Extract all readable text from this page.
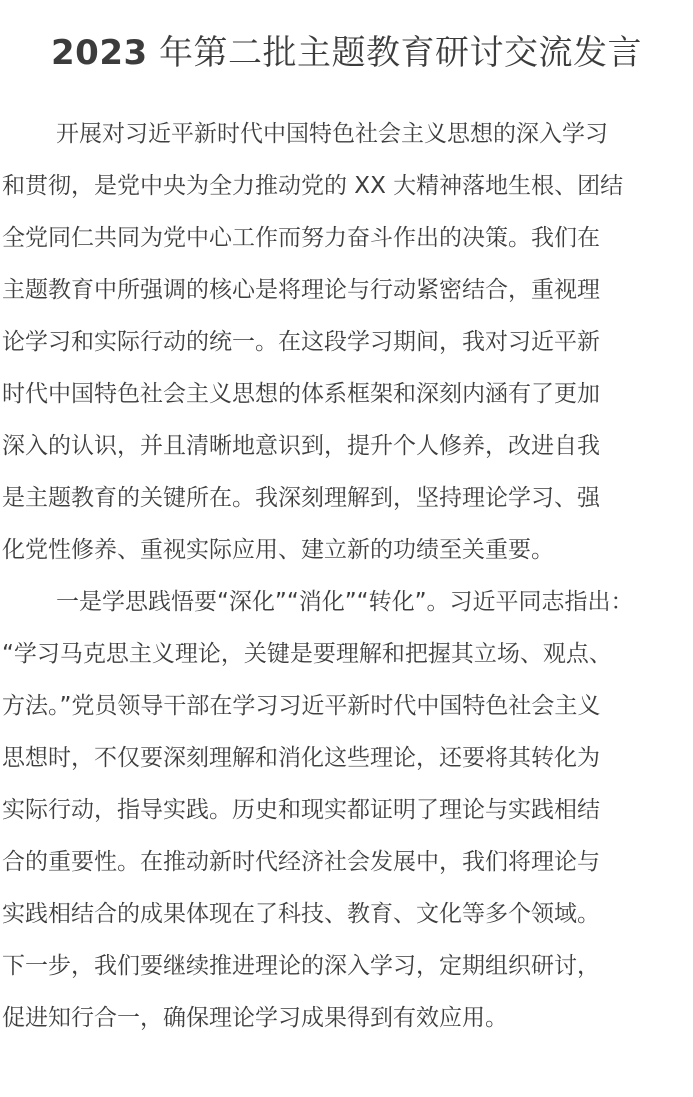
2023 年第二批主题教育研讨交流发言
开展对习近平新时代中国特色社会主义思想的深入学习
和贯彻，是党中央为全力推动党的 XX 大精神落地生根、团结
全党同仁共同为党中心工作而努力奋斗作出的决策。我们在
主题教育中所强调的核心是将理论与行动紧密结合，重视理
论学习和实际行动的统一。在这段学习期间，我对习近平新
时代中国特色社会主义思想的体系框架和深刻内涵有了更加
深入的认识，并且清晰地意识到，提升个人修养，改进自我
是主题教育的关键所在。我深刻理解到，坚持理论学习、强
化党性修养、重视实际应用、建立新的功绩至关重要。
一是学思践悟要“深化”“消化”“转化”。习近平同志指出：
“学习马克思主义理论，关键是要理解和把握其立场、观点、
方法。”党员领导干部在学习习近平新时代中国特色社会主义
思想时，不仅要深刻理解和消化这些理论，还要将其转化为
实际行动，指导实践。历史和现实都证明了理论与实践相结
合的重要性。在推动新时代经济社会发展中，我们将理论与
实践相结合的成果体现在了科技、教育、文化等多个领域。
下一步，我们要继续推进理论的深入学习，定期组织研讨，
促进知行合一，确保理论学习成果得到有效应用。
